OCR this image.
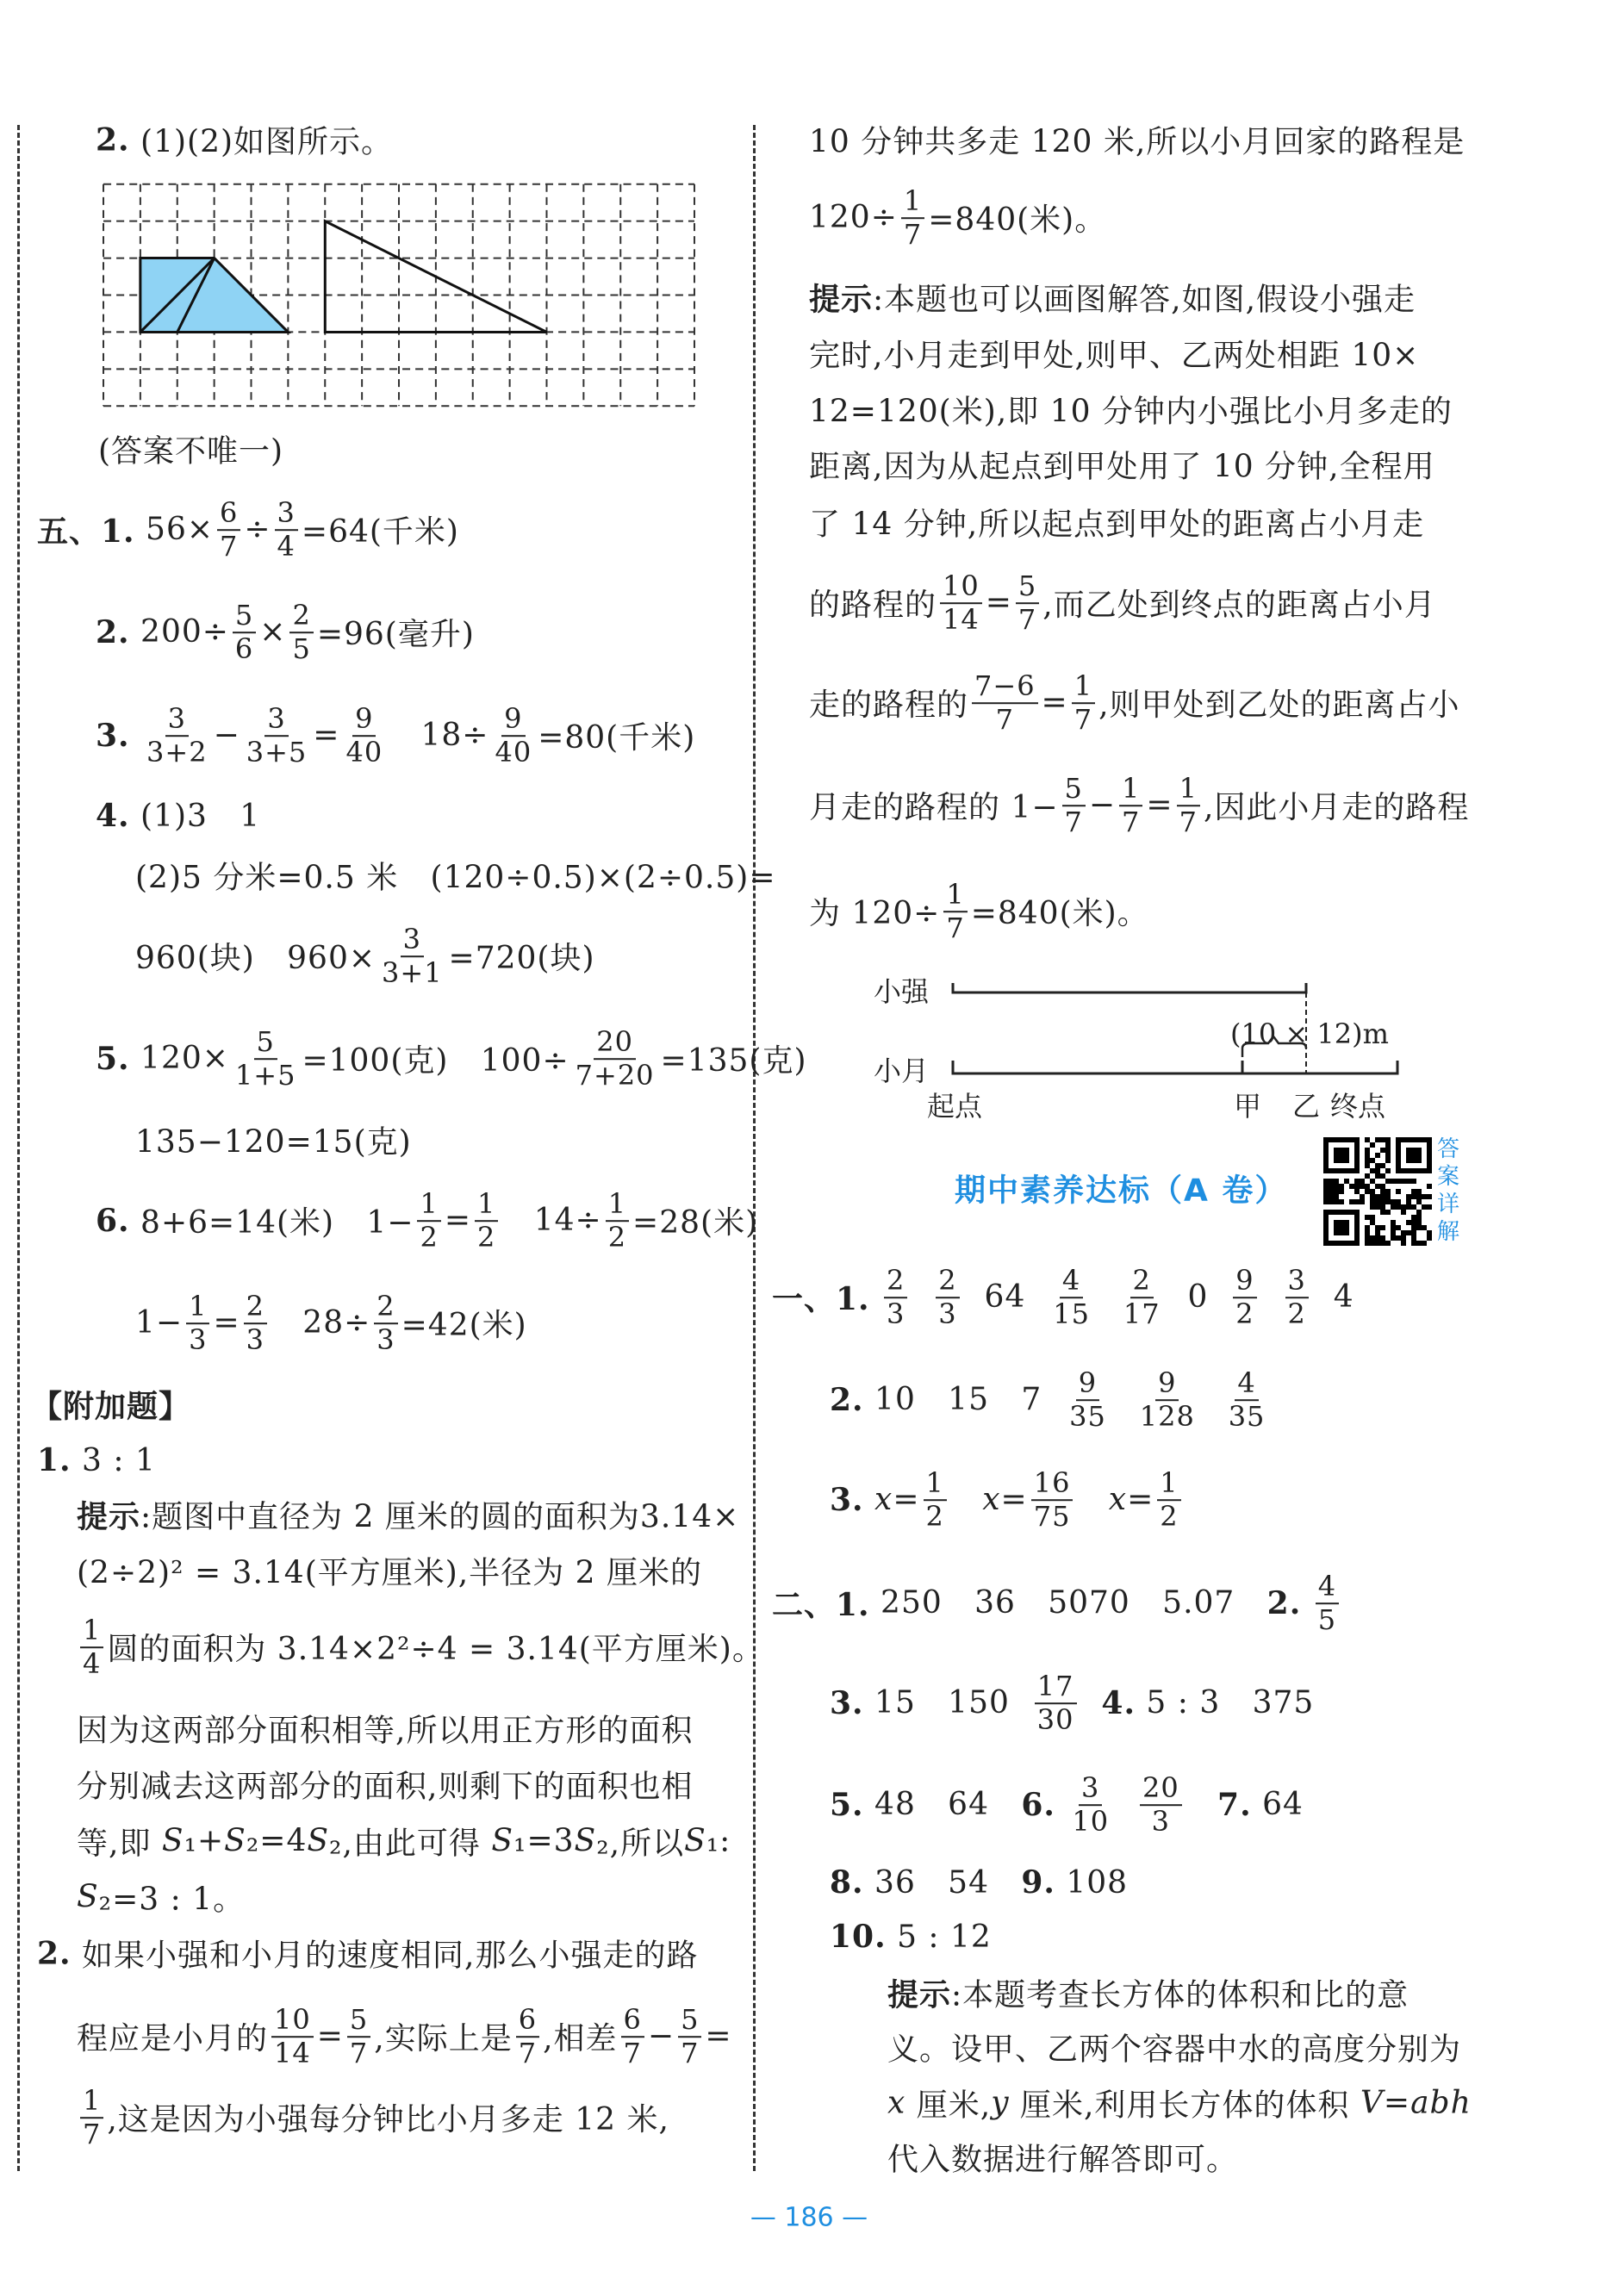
2. (1)(2)如图所示。
(答案不唯一)
五、1. $56\times \frac{6}{7} \div \frac{3}{4} =64$(千米)
2. $200\div \frac{5}{6} \times \frac{2}{5} =96$(毫升)
3.
$\frac{3}{3+2} - \frac{3}{3+5} = \frac{9}{40} 18\div \frac{9}{40} =80$(千米)
4. (1)3   1
(2)5 分米=0.5 米   (120÷0.5)×(2÷0.5)=
960(块)   $960\times \frac{3}{3+1} =720$(块)
5. $120\times \frac{5}{1+5} =100$(克)   $100\div \frac{20}{7+20} =135$(克)
135−120=15(克)
6. 8+6=14(米)   $1- \frac{1}{2} = \frac{1}{2} 14\div \frac{1}{2} =28$(米)
$1- \frac{1}{3} = \frac{2}{3} 28\div \frac{2}{3} =42$(米)
【附加题】
1. 3 : 1
提示 :题图中直径为 2 厘米的圆的面积为3.14×
(2÷2)² = 3.14(平方厘米),半径为 2 厘米的
$\frac{1}{4}$ 圆的面积为 3.14×2²÷4 = 3.14(平方厘米)。
因为这两部分面积相等,所以用正方形的面积
分别减去这两部分的面积,则剩下的面积也相
等,即 S ₁+ S ₂=4 S ₂,由此可得 S ₁=3 S ₂,所以 S ₁:
S ₂=3 : 1。
2. 如果小强和小月的速度相同,那么小强走的路
程应是小月的 $\frac{10}{14} = \frac{5}{7}$ ,实际上是 $\frac{6}{7}$ ,相差 $\frac{6}{7} - \frac{5}{7}$ =
$\frac{1}{7}$ ,这是因为小强每分钟比小月多走 12 米,
10 分钟共多走 120 米,所以小月回家的路程是
$120\div \frac{1}{7} =840$(米)。
提示 :本题也可以画图解答,如图,假设小强走
完时,小月走到甲处,则甲、乙两处相距 10×
12=120(米),即 10 分钟内小强比小月多走的
距离,因为从起点到甲处用了 10 分钟,全程用
了 14 分钟,所以起点到甲处的距离占小月走
的路程的 $\frac{10}{14} = \frac{5}{7}$ ,而乙处到终点的距离占小月
走的路程的 $\frac{7-6}{7} = \frac{1}{7}$ ,则甲处到乙处的距离占小
月走的路程的 $1- \frac{5}{7} - \frac{1}{7} = \frac{1}{7}$ ,因此小月走的路程
为 $120\div \frac{1}{7} =840$(米)。
小强
小月
起点	甲 乙 终点
(10 × 12)m
期中素养达标（A 卷）
答案详解
一、1.
$\frac{2}{3}$
$\frac{2}{3} 64 \frac{4}{15}$
$\frac{2}{17} 0 \frac{9}{2}$
$\frac{3}{2} 4$
2. 10   15   $7 \frac{9}{35}$
$\frac{9}{128}$
$\frac{4}{35}$
3.
$x = \frac{1}{2}$
$x = \frac{16}{75}$
$x = \frac{1}{2}$
二、1. 250   36   5070   5.07 2.
$\frac{4}{5}$
3. 15   $150 \frac{17}{30}$
4. 5 : 3   375
5. 48   64 6.
$\frac{3}{10}$
$\frac{20}{3}$
7. 64
8. 36   54 9. 108
10. 5 : 12
提示 :本题考查长方体的体积和比的意
义。设甲、乙两个容器中水的高度分别为
x 厘米, y 厘米,利用长方体的体积 V = abh
代入数据进行解答即可。
— 186 —
